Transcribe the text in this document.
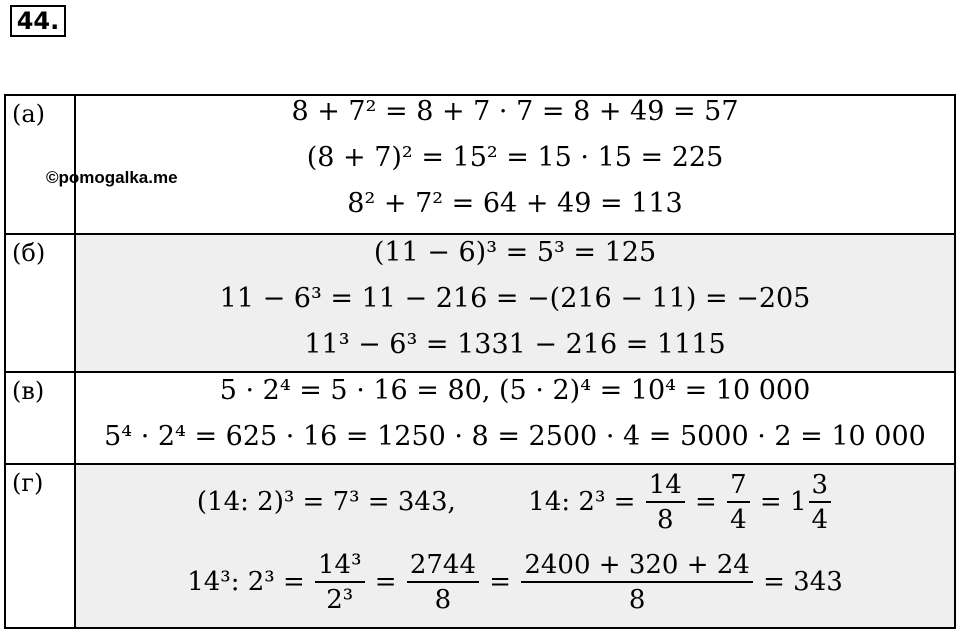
44.
(а)	8 + 7² = 8 + 7 · 7 = 8 + 49 = 57
(8 + 7)² = 15² = 15 · 15 = 225
8² + 7² = 64 + 49 = 113
(б)	(11 − 6)³ = 5³ = 125
11 − 6³ = 11 − 216 = −(216 − 11) = −205
11³ − 6³ = 1331 − 216 = 1115
(в)	5 · 2⁴ = 5 · 16 = 80, (5 · 2)⁴ = 10⁴ = 10 000
5⁴ · 2⁴ = 625 · 16 = 1250 · 8 = 2500 · 4 = 5000 · 2 = 10 000
(г)
(14: 2)³ = 7³ = 343,	14: $2^3 = \frac{14}{8} = \frac{7}{4} = 1 \frac{3}{4}$
14³: $2^3 = \frac{\text{14³}}{\text{2³}} = \frac{2744}{8} = \frac{2400 + 320 + 24}{8} = 343$
©pomogalka.me
